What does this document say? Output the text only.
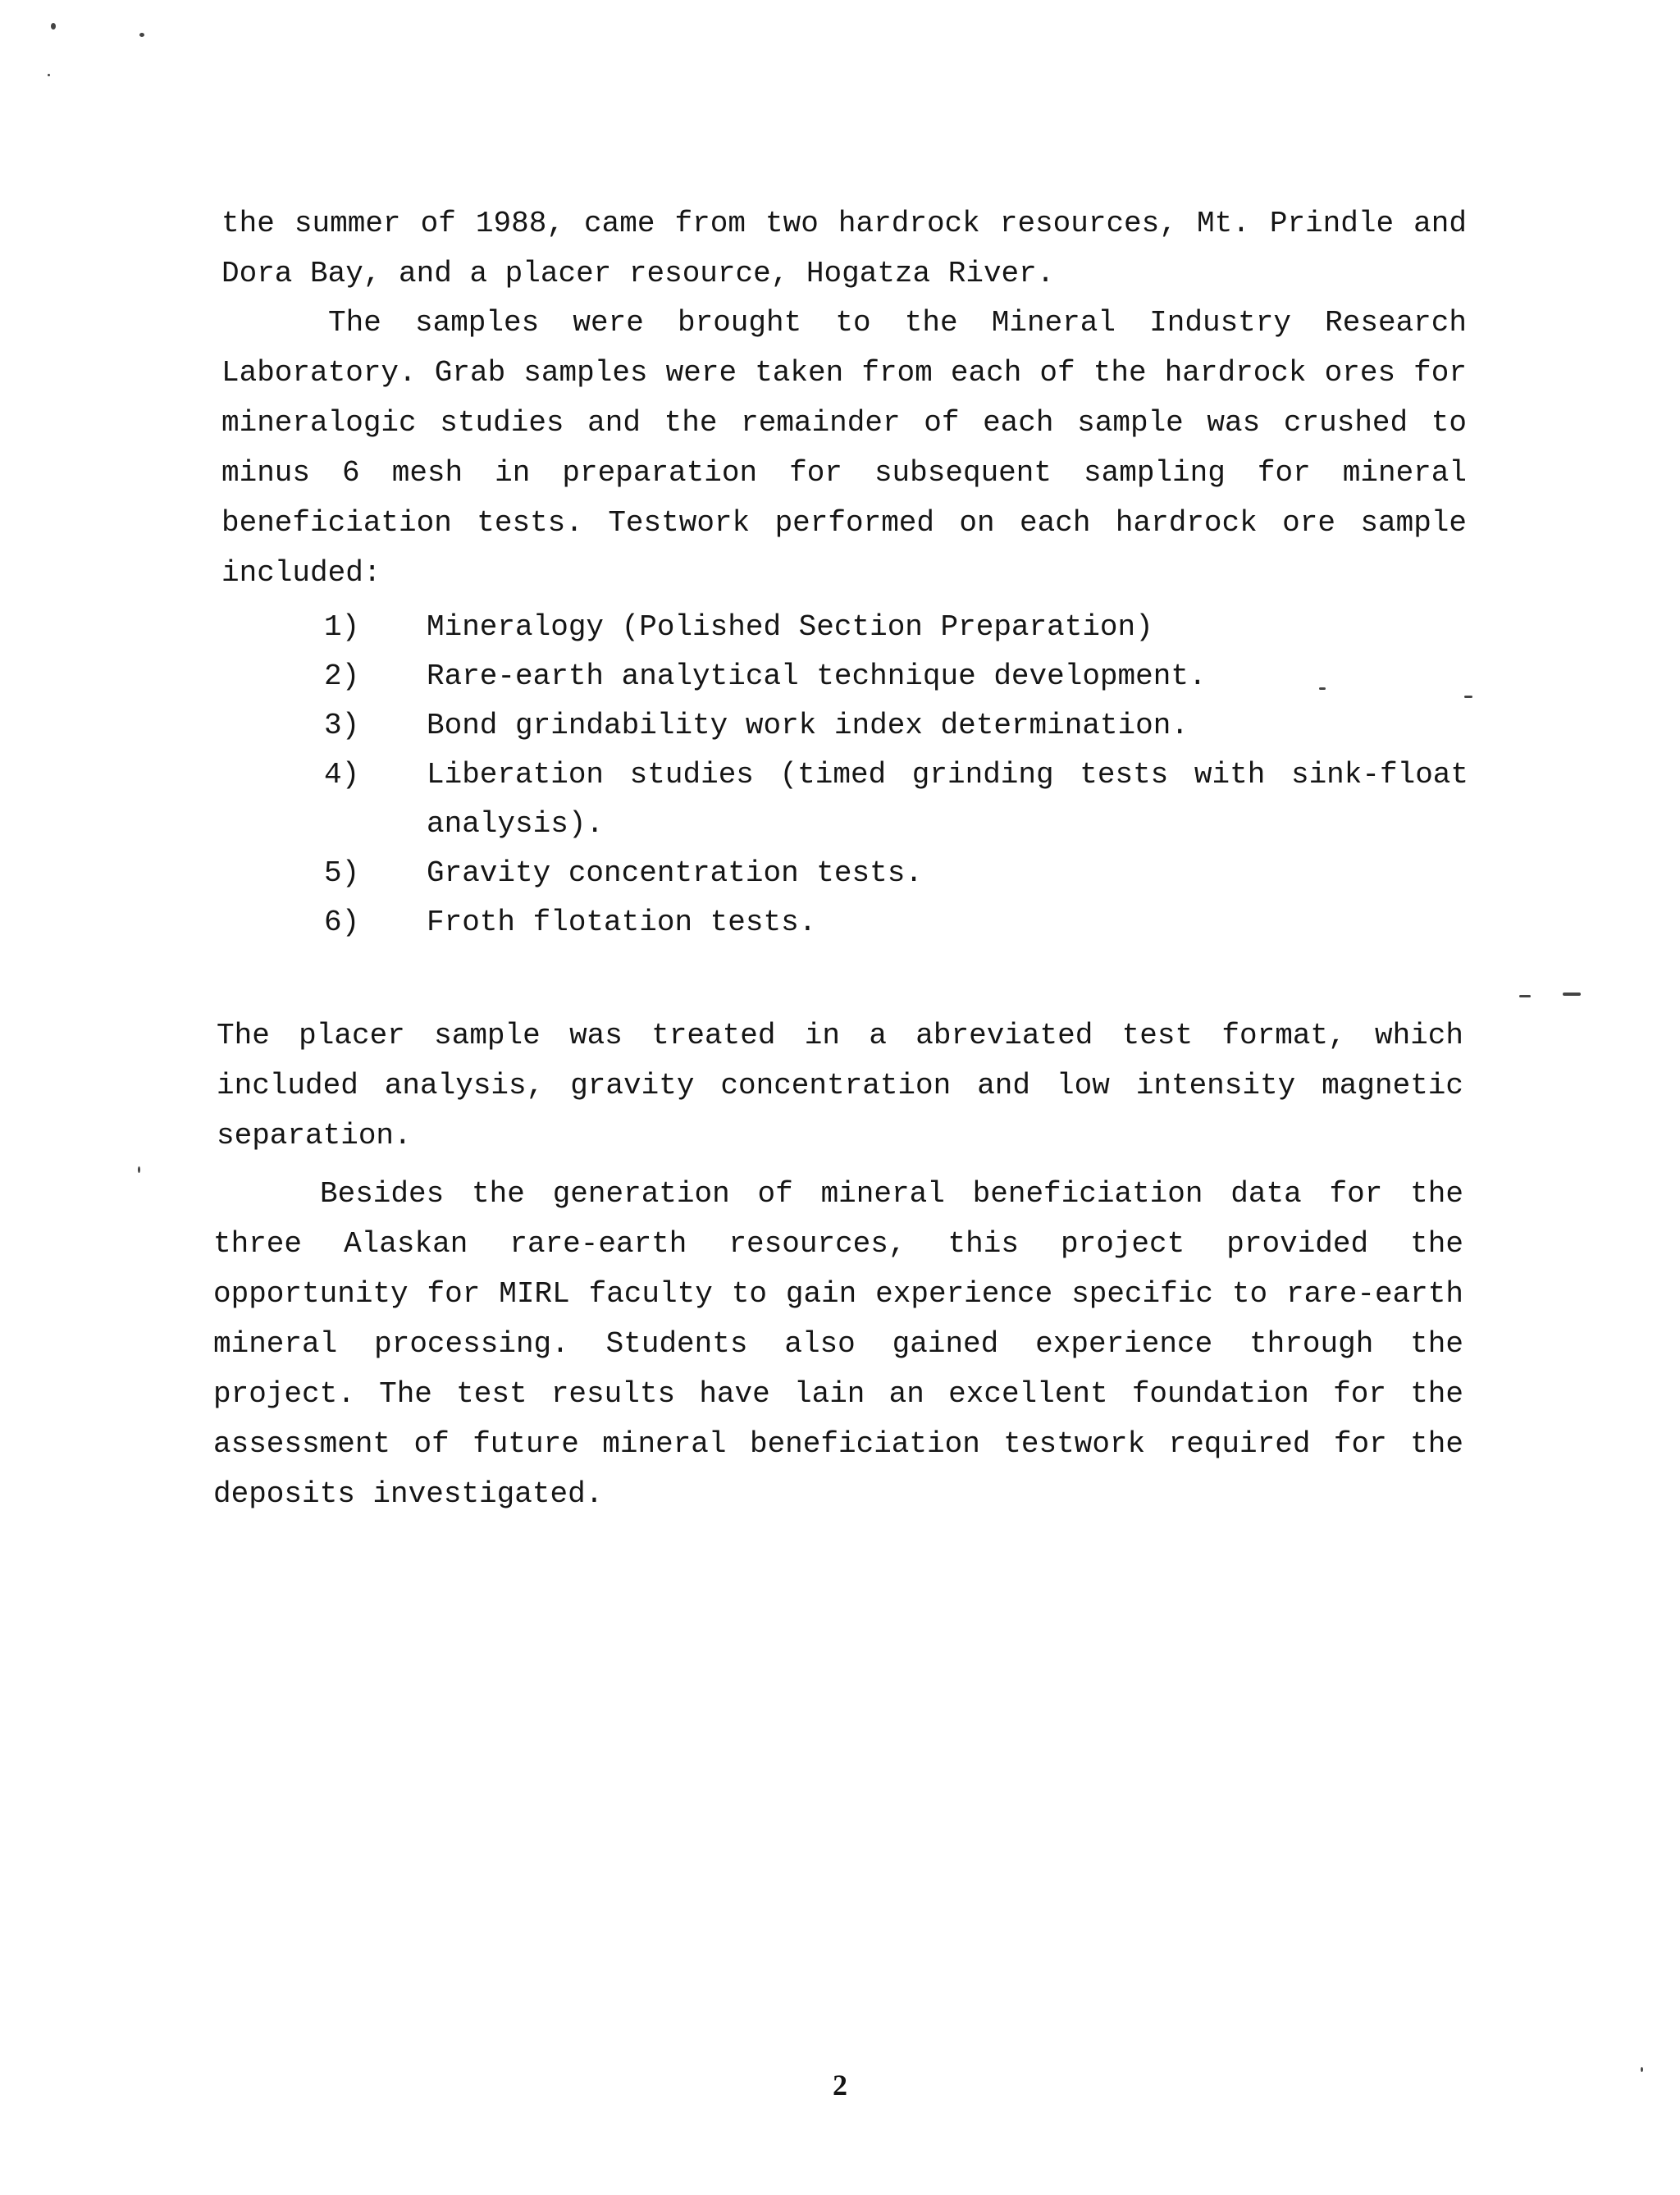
the summer of 1988, came from two hardrock resources, Mt. Prindle and Dora Bay, and a placer resource, Hogatza River.

The samples were brought to the Mineral Industry Research Laboratory. Grab samples were taken from each of the hardrock ores for mineralogic studies and the remainder of each sample was crushed to minus 6 mesh in preparation for subsequent sampling for mineral beneficiation tests. Testwork performed on each hardrock ore sample included:

1)	Mineralogy (Polished Section Preparation)
2)	Rare-earth analytical technique development.
3)	Bond grindability work index determination.
4)	Liberation studies (timed grinding tests with sink-float analysis).
5)	Gravity concentration tests.
6)	Froth flotation tests.

The placer sample was treated in a abreviated test format, which included analysis, gravity concentration and low intensity magnetic separation.

Besides the generation of mineral beneficiation data for the three Alaskan rare-earth resources, this project provided the opportunity for MIRL faculty to gain experience specific to rare-earth mineral processing. Students also gained experience through the project. The test results have lain an excellent foundation for the assessment of future mineral beneficiation testwork required for the deposits investigated.

2
